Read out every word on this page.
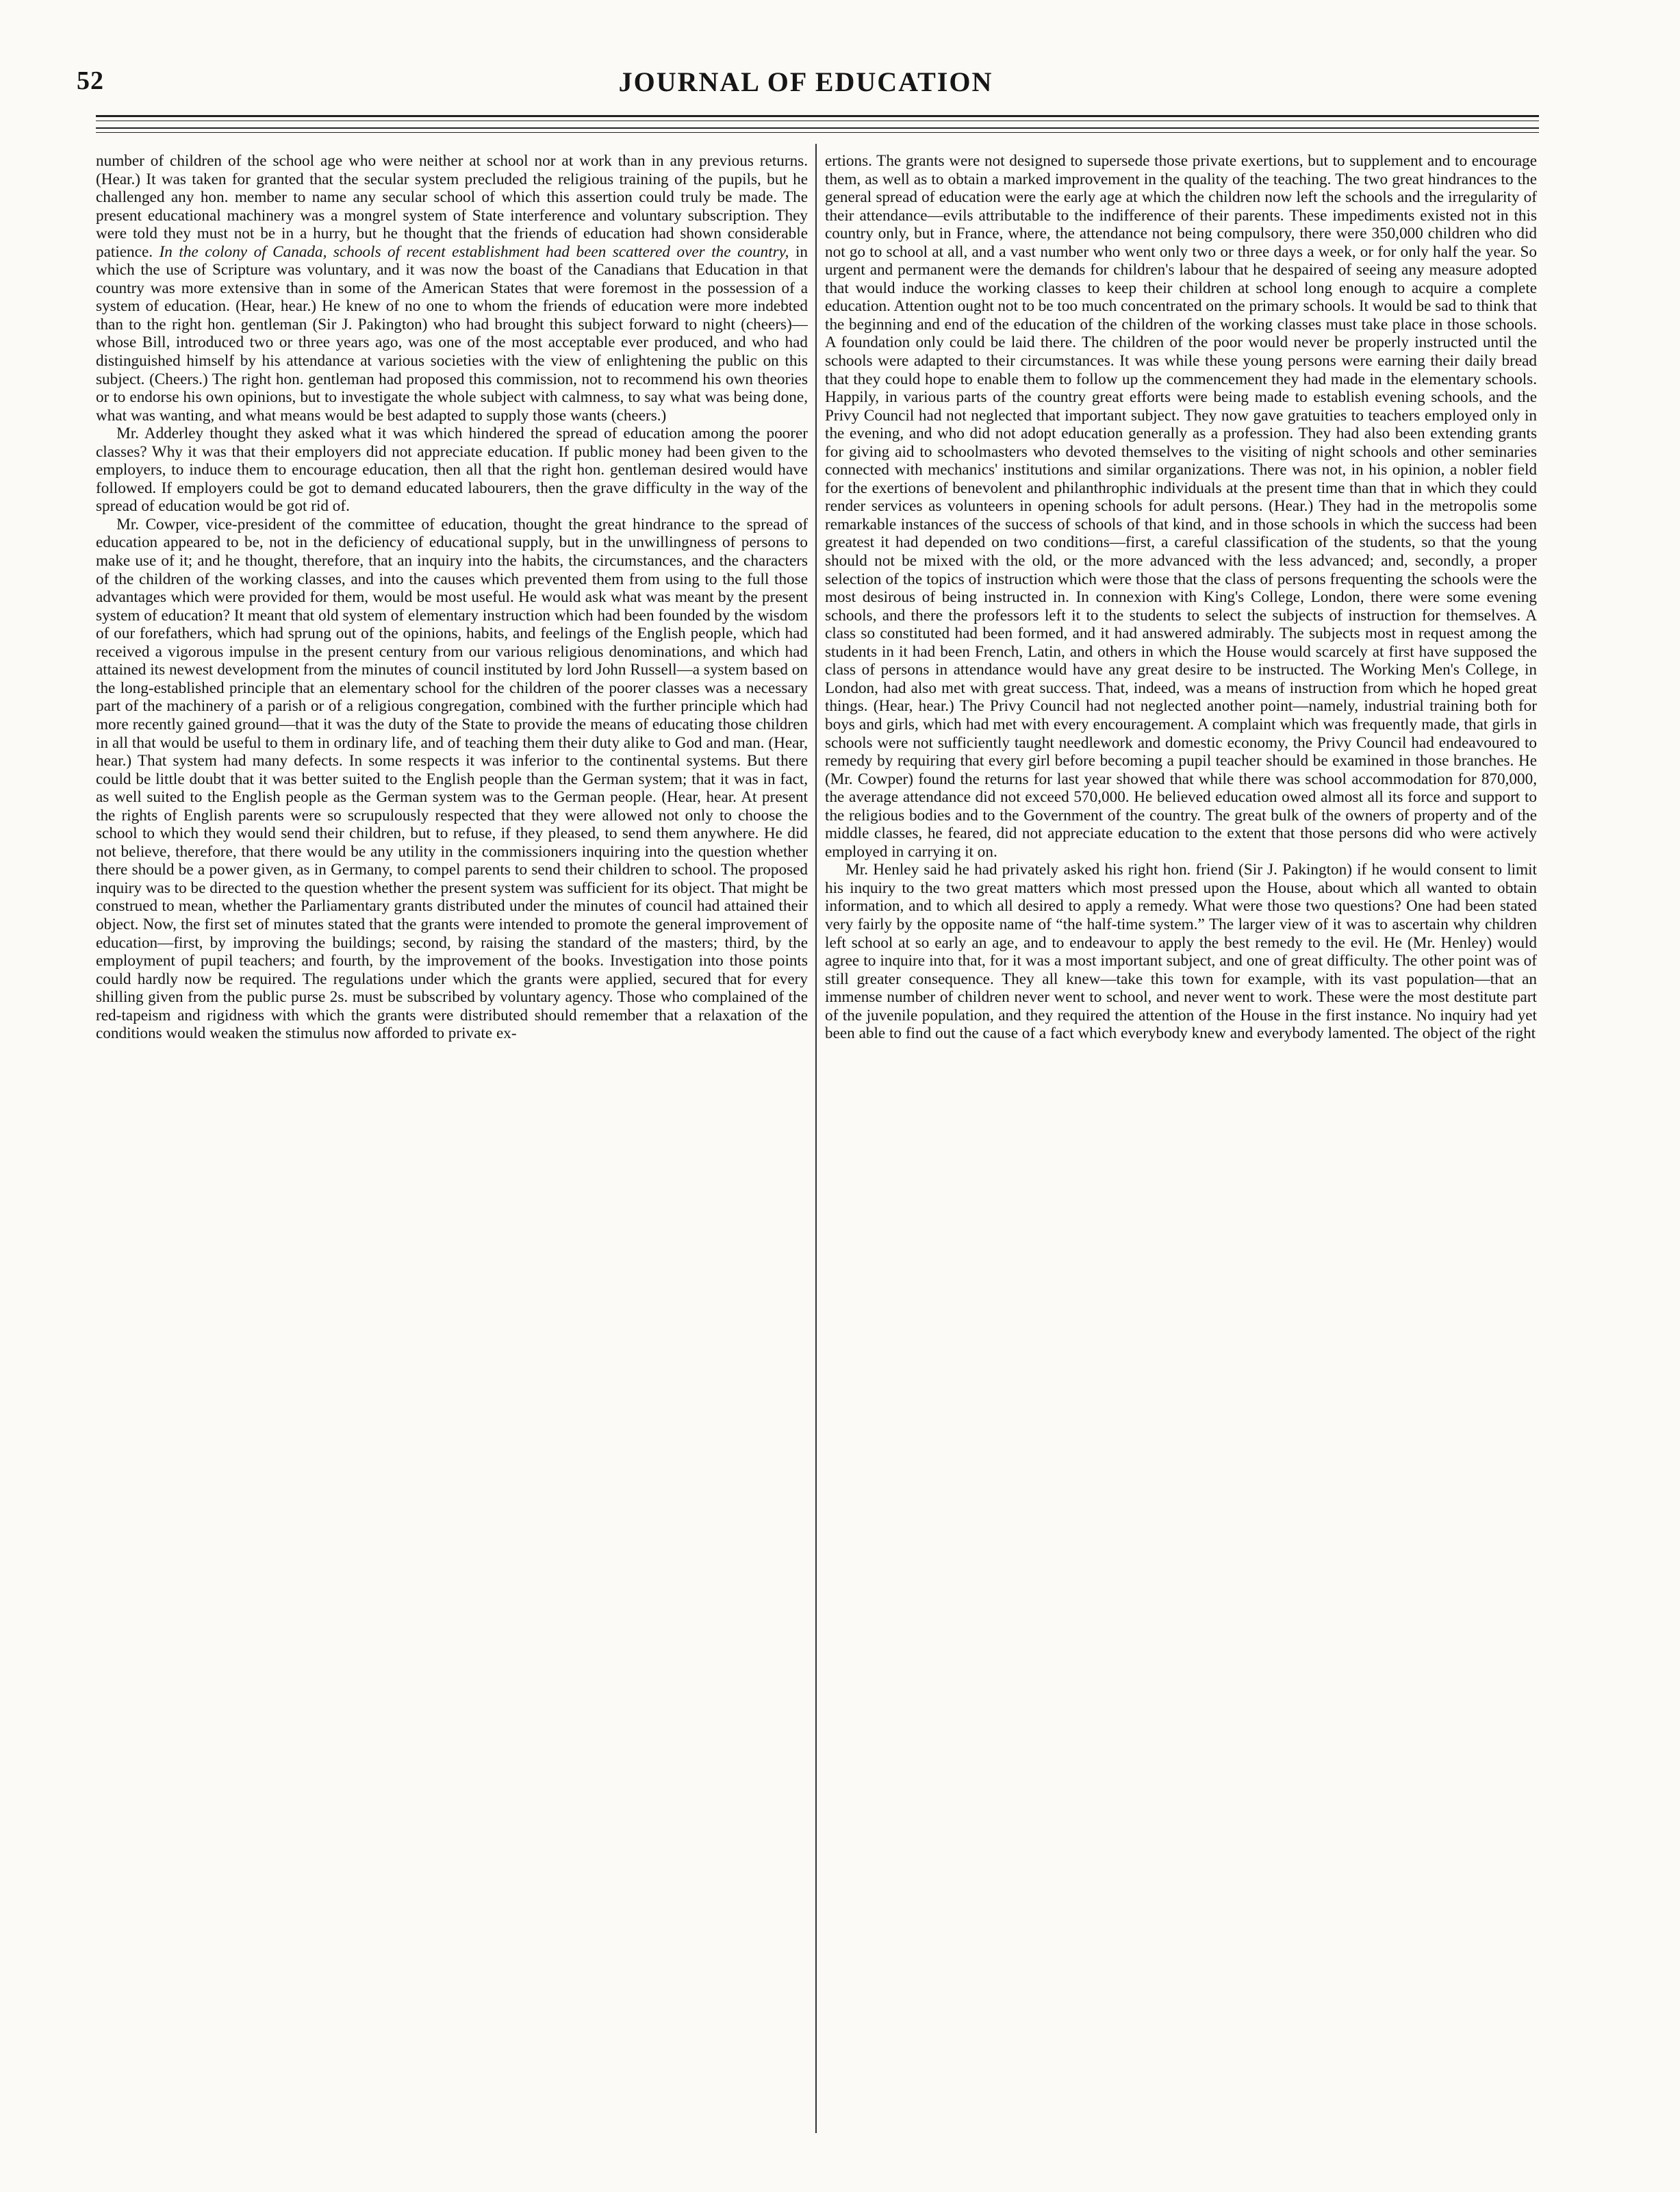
52	JOURNAL OF EDUCATION

number of children of the school age who were neither at school nor at work than in any previous returns. (Hear.) It was taken for granted that the secular system precluded the religious training of the pupils, but he challenged any hon. member to name any secular school of which this assertion could truly be made. The present educational machinery was a mongrel system of State interference and voluntary subscription. They were told they must not be in a hurry, but he thought that the friends of education had shown considerable patience. In the colony of Canada, schools of recent establishment had been scattered over the country, in which the use of Scripture was voluntary, and it was now the boast of the Canadians that Education in that country was more extensive than in some of the American States that were foremost in the possession of a system of education. (Hear, hear.) He knew of no one to whom the friends of education were more indebted than to the right hon. gentleman (Sir J. Pakington) who had brought this subject forward to night (cheers)—whose Bill, introduced two or three years ago, was one of the most acceptable ever produced, and who had distinguished himself by his attendance at various societies with the view of enlightening the public on this subject. (Cheers.) The right hon. gentleman had proposed this commission, not to recommend his own theories or to endorse his own opinions, but to investigate the whole subject with calmness, to say what was being done, what was wanting, and what means would be best adapted to supply those wants (cheers.)

Mr. Adderley thought they asked what it was which hindered the spread of education among the poorer classes? Why it was that their employers did not appreciate education. If public money had been given to the employers, to induce them to encourage education, then all that the right hon. gentleman desired would have followed. If employers could be got to demand educated labourers, then the grave difficulty in the way of the spread of education would be got rid of.

Mr. Cowper, vice-president of the committee of education, thought the great hindrance to the spread of education appeared to be, not in the deficiency of educational supply, but in the unwillingness of persons to make use of it; and he thought, therefore, that an inquiry into the habits, the circumstances, and the characters of the children of the working classes, and into the causes which prevented them from using to the full those advantages which were provided for them, would be most useful. He would ask what was meant by the present system of education? It meant that old system of elementary instruction which had been founded by the wisdom of our forefathers, which had sprung out of the opinions, habits, and feelings of the English people, which had received a vigorous impulse in the present century from our various religious denominations, and which had attained its newest development from the minutes of council instituted by lord John Russell—a system based on the long-established principle that an elementary school for the children of the poorer classes was a necessary part of the machinery of a parish or of a religious congregation, combined with the further principle which had more recently gained ground—that it was the duty of the State to provide the means of educating those children in all that would be useful to them in ordinary life, and of teaching them their duty alike to God and man. (Hear, hear.) That system had many defects. In some respects it was inferior to the continental systems. But there could be little doubt that it was better suited to the English people than the German system; that it was in fact, as well suited to the English people as the German system was to the German people. (Hear, hear. At present the rights of English parents were so scrupulously respected that they were allowed not only to choose the school to which they would send their children, but to refuse, if they pleased, to send them anywhere. He did not believe, therefore, that there would be any utility in the commissioners inquiring into the question whether there should be a power given, as in Germany, to compel parents to send their children to school. The proposed inquiry was to be directed to the question whether the present system was sufficient for its object. That might be construed to mean, whether the Parliamentary grants distributed under the minutes of council had attained their object. Now, the first set of minutes stated that the grants were intended to promote the general improvement of education—first, by improving the buildings; second, by raising the standard of the masters; third, by the employment of pupil teachers; and fourth, by the improvement of the books. Investigation into those points could hardly now be required. The regulations under which the grants were applied, secured that for every shilling given from the public purse 2s. must be subscribed by voluntary agency. Those who complained of the red-tapeism and rigidness with which the grants were distributed should remember that a relaxation of the conditions would weaken the stimulus now afforded to private ex-

ertions. The grants were not designed to supersede those private exertions, but to supplement and to encourage them, as well as to obtain a marked improvement in the quality of the teaching. The two great hindrances to the general spread of education were the early age at which the children now left the schools and the irregularity of their attendance—evils attributable to the indifference of their parents. These impediments existed not in this country only, but in France, where, the attendance not being compulsory, there were 350,000 children who did not go to school at all, and a vast number who went only two or three days a week, or for only half the year. So urgent and permanent were the demands for children's labour that he despaired of seeing any measure adopted that would induce the working classes to keep their children at school long enough to acquire a complete education. Attention ought not to be too much concentrated on the primary schools. It would be sad to think that the beginning and end of the education of the children of the working classes must take place in those schools. A foundation only could be laid there. The children of the poor would never be properly instructed until the schools were adapted to their circumstances. It was while these young persons were earning their daily bread that they could hope to enable them to follow up the commencement they had made in the elementary schools. Happily, in various parts of the country great efforts were being made to establish evening schools, and the Privy Council had not neglected that important subject. They now gave gratuities to teachers employed only in the evening, and who did not adopt education generally as a profession. They had also been extending grants for giving aid to schoolmasters who devoted themselves to the visiting of night schools and other seminaries connected with mechanics' institutions and similar organizations. There was not, in his opinion, a nobler field for the exertions of benevolent and philanthrophic individuals at the present time than that in which they could render services as volunteers in opening schools for adult persons. (Hear.) They had in the metropolis some remarkable instances of the success of schools of that kind, and in those schools in which the success had been greatest it had depended on two conditions—first, a careful classification of the students, so that the young should not be mixed with the old, or the more advanced with the less advanced; and, secondly, a proper selection of the topics of instruction which were those that the class of persons frequenting the schools were the most desirous of being instructed in. In connexion with King's College, London, there were some evening schools, and there the professors left it to the students to select the subjects of instruction for themselves. A class so constituted had been formed, and it had answered admirably. The subjects most in request among the students in it had been French, Latin, and others in which the House would scarcely at first have supposed the class of persons in attendance would have any great desire to be instructed. The Working Men's College, in London, had also met with great success. That, indeed, was a means of instruction from which he hoped great things. (Hear, hear.) The Privy Council had not neglected another point—namely, industrial training both for boys and girls, which had met with every encouragement. A complaint which was frequently made, that girls in schools were not sufficiently taught needlework and domestic economy, the Privy Council had endeavoured to remedy by requiring that every girl before becoming a pupil teacher should be examined in those branches. He (Mr. Cowper) found the returns for last year showed that while there was school accommodation for 870,000, the average attendance did not exceed 570,000. He believed education owed almost all its force and support to the religious bodies and to the Government of the country. The great bulk of the owners of property and of the middle classes, he feared, did not appreciate education to the extent that those persons did who were actively employed in carrying it on.

Mr. Henley said he had privately asked his right hon. friend (Sir J. Pakington) if he would consent to limit his inquiry to the two great matters which most pressed upon the House, about which all wanted to obtain information, and to which all desired to apply a remedy. What were those two questions? One had been stated very fairly by the opposite name of “the half-time system.” The larger view of it was to ascertain why children left school at so early an age, and to endeavour to apply the best remedy to the evil. He (Mr. Henley) would agree to inquire into that, for it was a most important subject, and one of great difficulty. The other point was of still greater consequence. They all knew—take this town for example, with its vast population—that an immense number of children never went to school, and never went to work. These were the most destitute part of the juvenile population, and they required the attention of the House in the first instance. No inquiry had yet been able to find out the cause of a fact which everybody knew and everybody lamented. The object of the right
